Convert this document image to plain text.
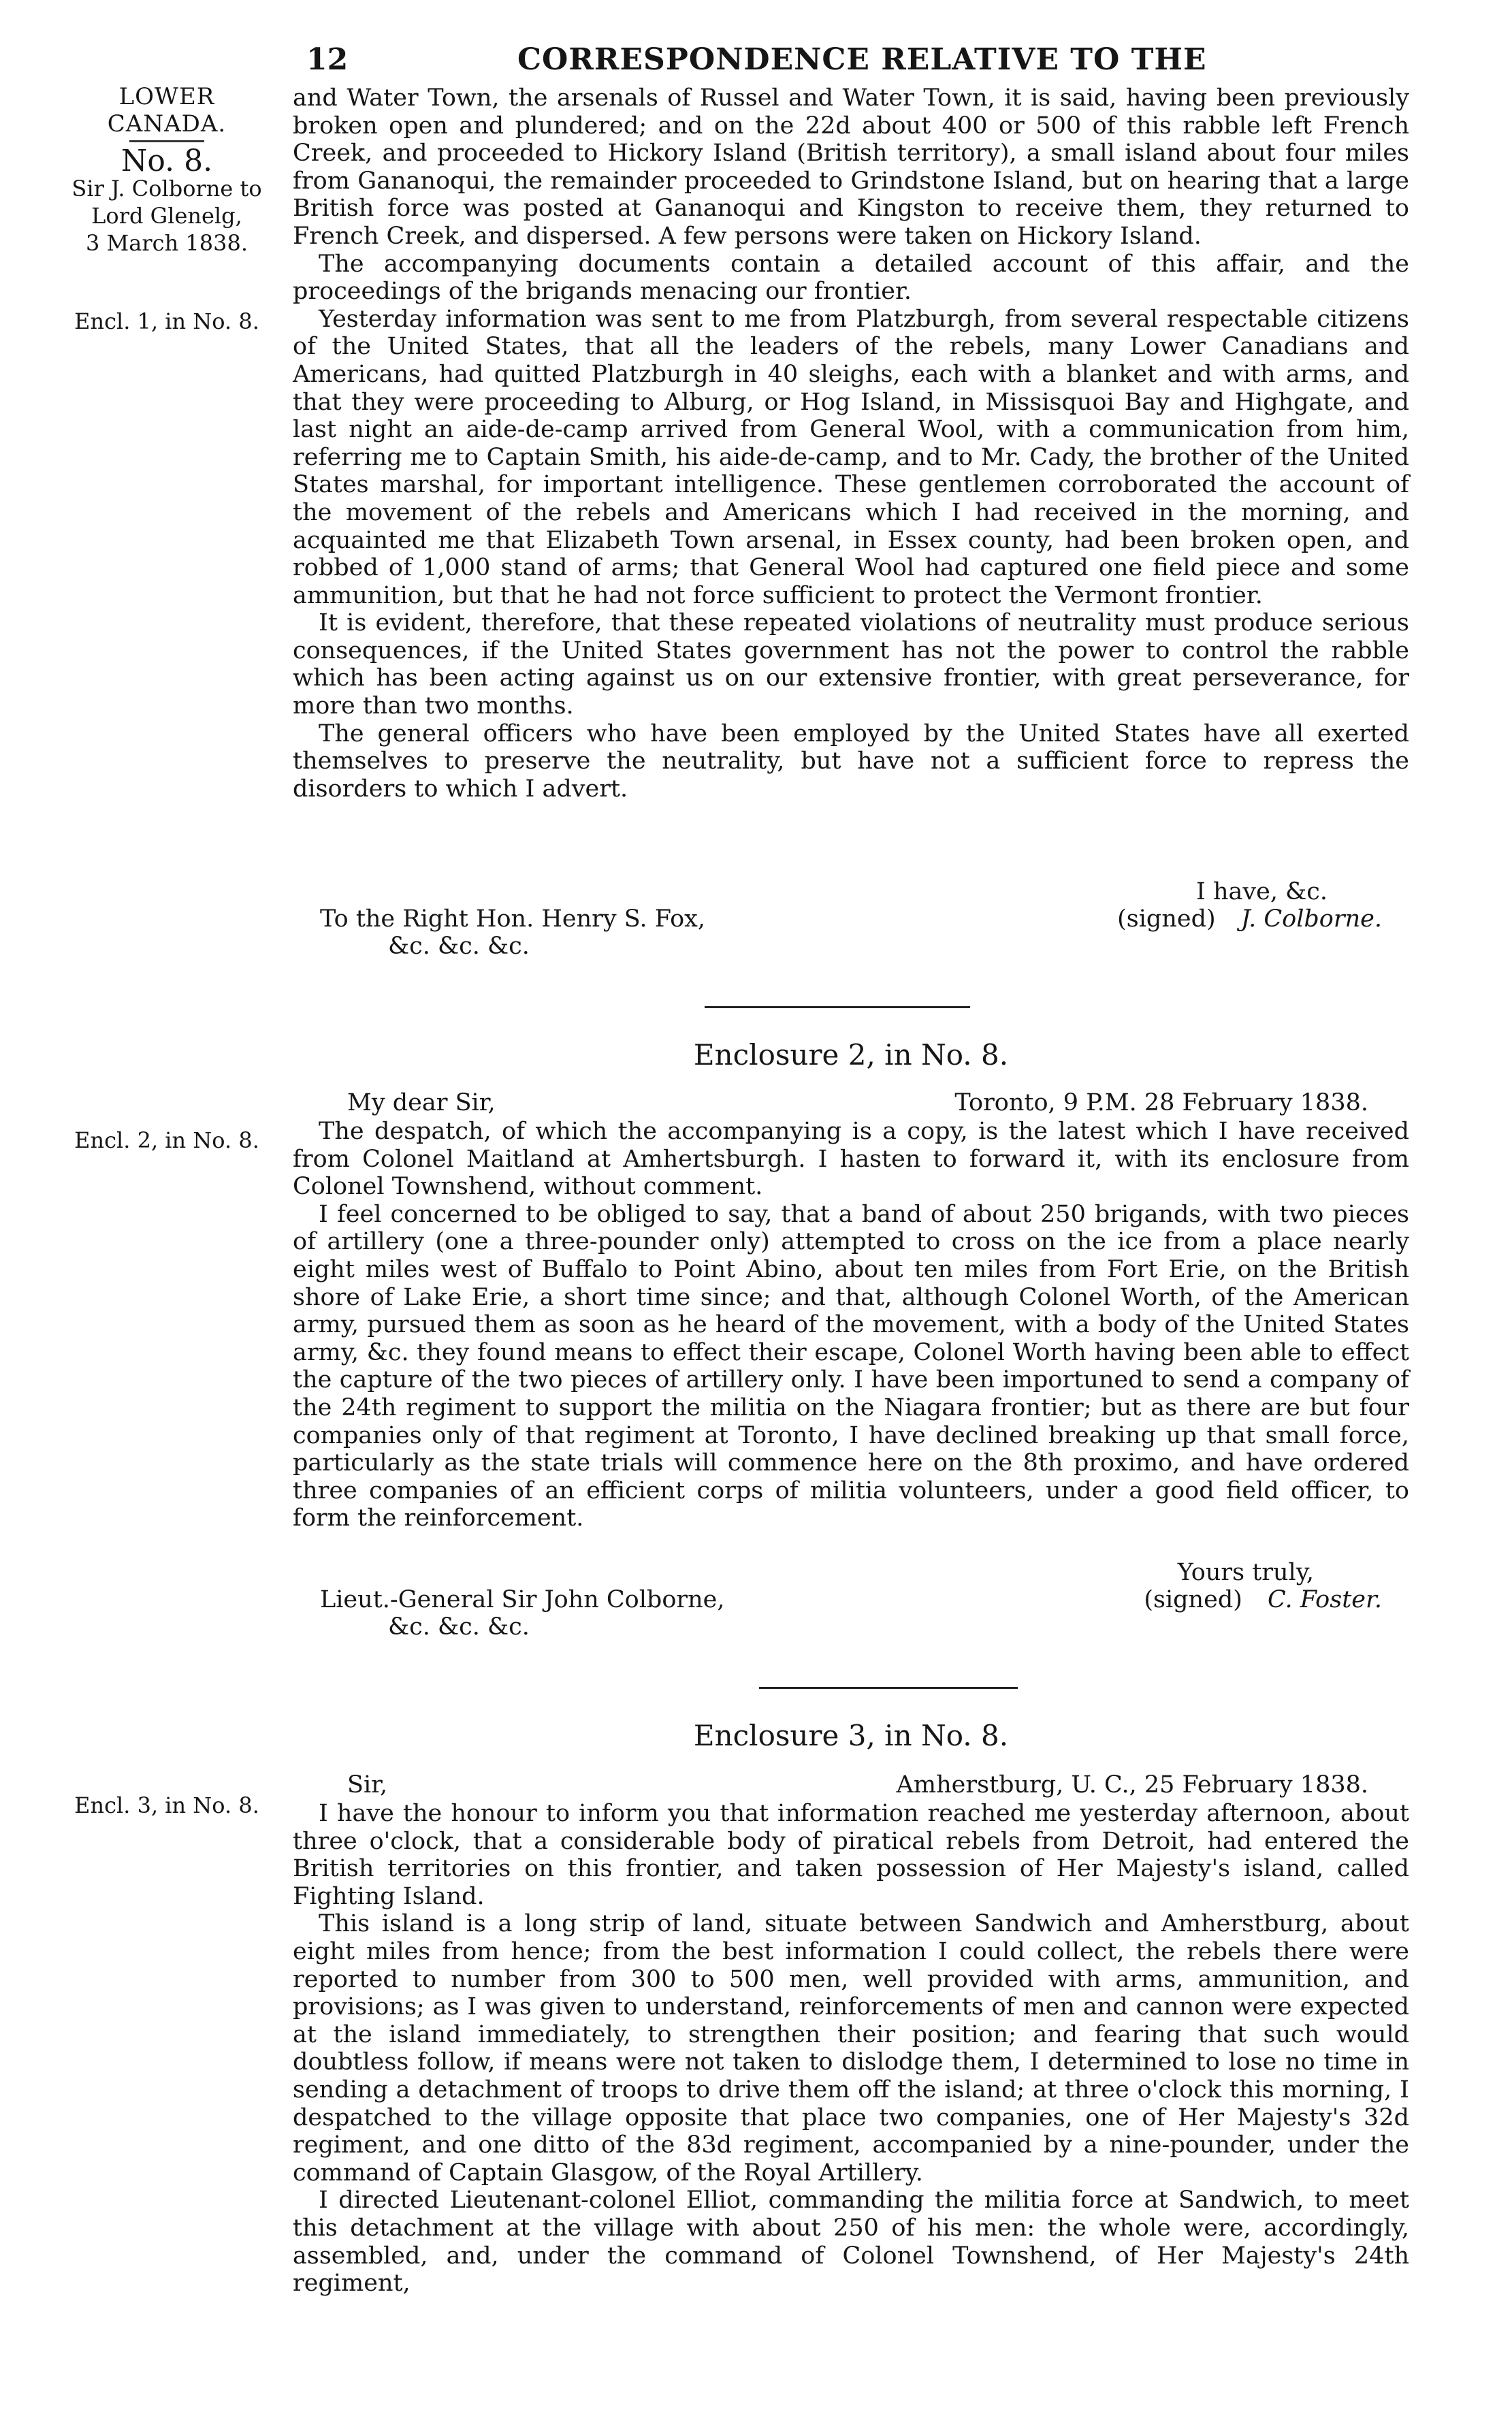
12	CORRESPONDENCE RELATIVE TO THE
LOWER
CANADA.
No. 8.
Sir J. Colborne to
Lord Glenelg,
3 March 1838.
Encl. 1, in No. 8.
Encl. 2, in No. 8.
Encl. 3, in No. 8.

and Water Town, the arsenals of Russel and Water Town, it is said, having been previously broken open and plundered; and on the 22d about 400 or 500 of this rabble left French Creek, and proceeded to Hickory Island (British territory), a small island about four miles from Gananoqui, the remainder proceeded to Grindstone Island, but on hearing that a large British force was posted at Gananoqui and Kingston to receive them, they returned to French Creek, and dispersed. A few persons were taken on Hickory Island.

The accompanying documents contain a detailed account of this affair, and the proceedings of the brigands menacing our frontier.

Yesterday information was sent to me from Platzburgh, from several respectable citizens of the United States, that all the leaders of the rebels, many Lower Canadians and Americans, had quitted Platzburgh in 40 sleighs, each with a blanket and with arms, and that they were proceeding to Alburg, or Hog Island, in Missisquoi Bay and Highgate, and last night an aide-de-camp arrived from General Wool, with a communication from him, referring me to Captain Smith, his aide-de-camp, and to Mr. Cady, the brother of the United States marshal, for important intelligence. These gentlemen corroborated the account of the movement of the rebels and Americans which I had received in the morning, and acquainted me that Elizabeth Town arsenal, in Essex county, had been broken open, and robbed of 1,000 stand of arms; that General Wool had captured one field piece and some ammunition, but that he had not force sufficient to protect the Vermont frontier.

It is evident, therefore, that these repeated violations of neutrality must produce serious consequences, if the United States government has not the power to control the rabble which has been acting against us on our extensive frontier, with great perseverance, for more than two months.

The general officers who have been employed by the United States have all exerted themselves to preserve the neutrality, but have not a sufficient force to repress the disorders to which I advert.

I have, &c.
To the Right Hon. Henry S. Fox,
&c. &c. &c.
(signed) J. Colborne.
Enclosure 2, in No. 8.
My dear Sir,	Toronto, 9 P.M. 28 February 1838.

The despatch, of which the accompanying is a copy, is the latest which I have received from Colonel Maitland at Amhertsburgh. I hasten to forward it, with its enclosure from Colonel Townshend, without comment.

I feel concerned to be obliged to say, that a band of about 250 brigands, with two pieces of artillery (one a three-pounder only) attempted to cross on the ice from a place nearly eight miles west of Buffalo to Point Abino, about ten miles from Fort Erie, on the British shore of Lake Erie, a short time since; and that, although Colonel Worth, of the American army, pursued them as soon as he heard of the movement, with a body of the United States army, &c. they found means to effect their escape, Colonel Worth having been able to effect the capture of the two pieces of artillery only. I have been importuned to send a company of the 24th regiment to support the militia on the Niagara frontier; but as there are but four companies only of that regiment at Toronto, I have declined breaking up that small force, particularly as the state trials will commence here on the 8th proximo, and have ordered three companies of an efficient corps of militia volunteers, under a good field officer, to form the reinforcement.

Yours truly,
Lieut.-General Sir John Colborne,
&c. &c. &c.
(signed) C. Foster.
Enclosure 3, in No. 8.
Sir,	Amherstburg, U. C., 25 February 1838.

I have the honour to inform you that information reached me yesterday afternoon, about three o'clock, that a considerable body of piratical rebels from Detroit, had entered the British territories on this frontier, and taken possession of Her Majesty's island, called Fighting Island.

This island is a long strip of land, situate between Sandwich and Amherstburg, about eight miles from hence; from the best information I could collect, the rebels there were reported to number from 300 to 500 men, well provided with arms, ammunition, and provisions; as I was given to understand, reinforcements of men and cannon were expected at the island immediately, to strengthen their position; and fearing that such would doubtless follow, if means were not taken to dislodge them, I determined to lose no time in sending a detachment of troops to drive them off the island; at three o'clock this morning, I despatched to the village opposite that place two companies, one of Her Majesty's 32d regiment, and one ditto of the 83d regiment, accompanied by a nine-pounder, under the command of Captain Glasgow, of the Royal Artillery.

I directed Lieutenant-colonel Elliot, commanding the militia force at Sandwich, to meet this detachment at the village with about 250 of his men: the whole were, accordingly, assembled, and, under the command of Colonel Townshend, of Her Majesty's 24th regiment,
